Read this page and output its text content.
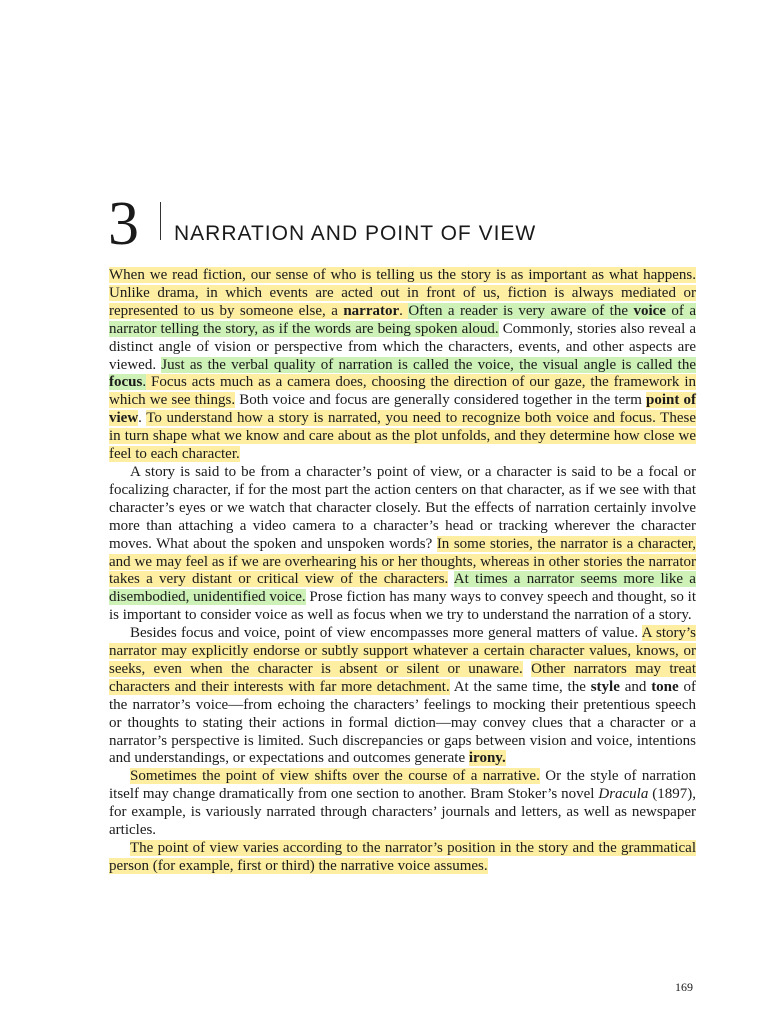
3 NARRATION AND POINT OF VIEW

When we read fiction, our sense of who is telling us the story is as important as what happens. Unlike drama, in which events are acted out in front of us, fiction is always mediated or represented to us by someone else, a narrator. Often a reader is very aware of the voice of a narrator telling the story, as if the words are being spoken aloud. Commonly, stories also reveal a distinct angle of vision or perspective from which the characters, events, and other aspects are viewed. Just as the verbal quality of narration is called the voice, the visual angle is called the focus. Focus acts much as a camera does, choosing the direction of our gaze, the framework in which we see things. Both voice and focus are generally considered together in the term point of view. To understand how a story is narrated, you need to recognize both voice and focus. These in turn shape what we know and care about as the plot unfolds, and they determine how close we feel to each character.

A story is said to be from a character’s point of view, or a character is said to be a focal or focalizing character, if for the most part the action centers on that character, as if we see with that character’s eyes or we watch that character closely. But the effects of narration certainly involve more than attaching a video camera to a character’s head or tracking wherever the character moves. What about the spoken and unspoken words? In some stories, the narrator is a character, and we may feel as if we are overhearing his or her thoughts, whereas in other stories the narrator takes a very distant or critical view of the characters. At times a narrator seems more like a disembodied, unidentified voice. Prose fiction has many ways to convey speech and thought, so it is important to consider voice as well as focus when we try to understand the narration of a story.

Besides focus and voice, point of view encompasses more general matters of value. A story’s narrator may explicitly endorse or subtly support whatever a certain character values, knows, or seeks, even when the character is absent or silent or unaware. Other narrators may treat characters and their interests with far more detachment. At the same time, the style and tone of the narrator’s voice—from echoing the characters’ feelings to mocking their pretentious speech or thoughts to stating their actions in formal diction—may convey clues that a character or a narrator’s perspective is limited. Such discrepancies or gaps between vision and voice, intentions and understandings, or expectations and outcomes generate irony.

Sometimes the point of view shifts over the course of a narrative. Or the style of narration itself may change dramatically from one section to another. Bram Stoker’s novel Dracula (1897), for example, is variously narrated through characters’ journals and letters, as well as newspaper articles.

The point of view varies according to the narrator’s position in the story and the grammatical person (for example, first or third) the narrative voice assumes.

169
